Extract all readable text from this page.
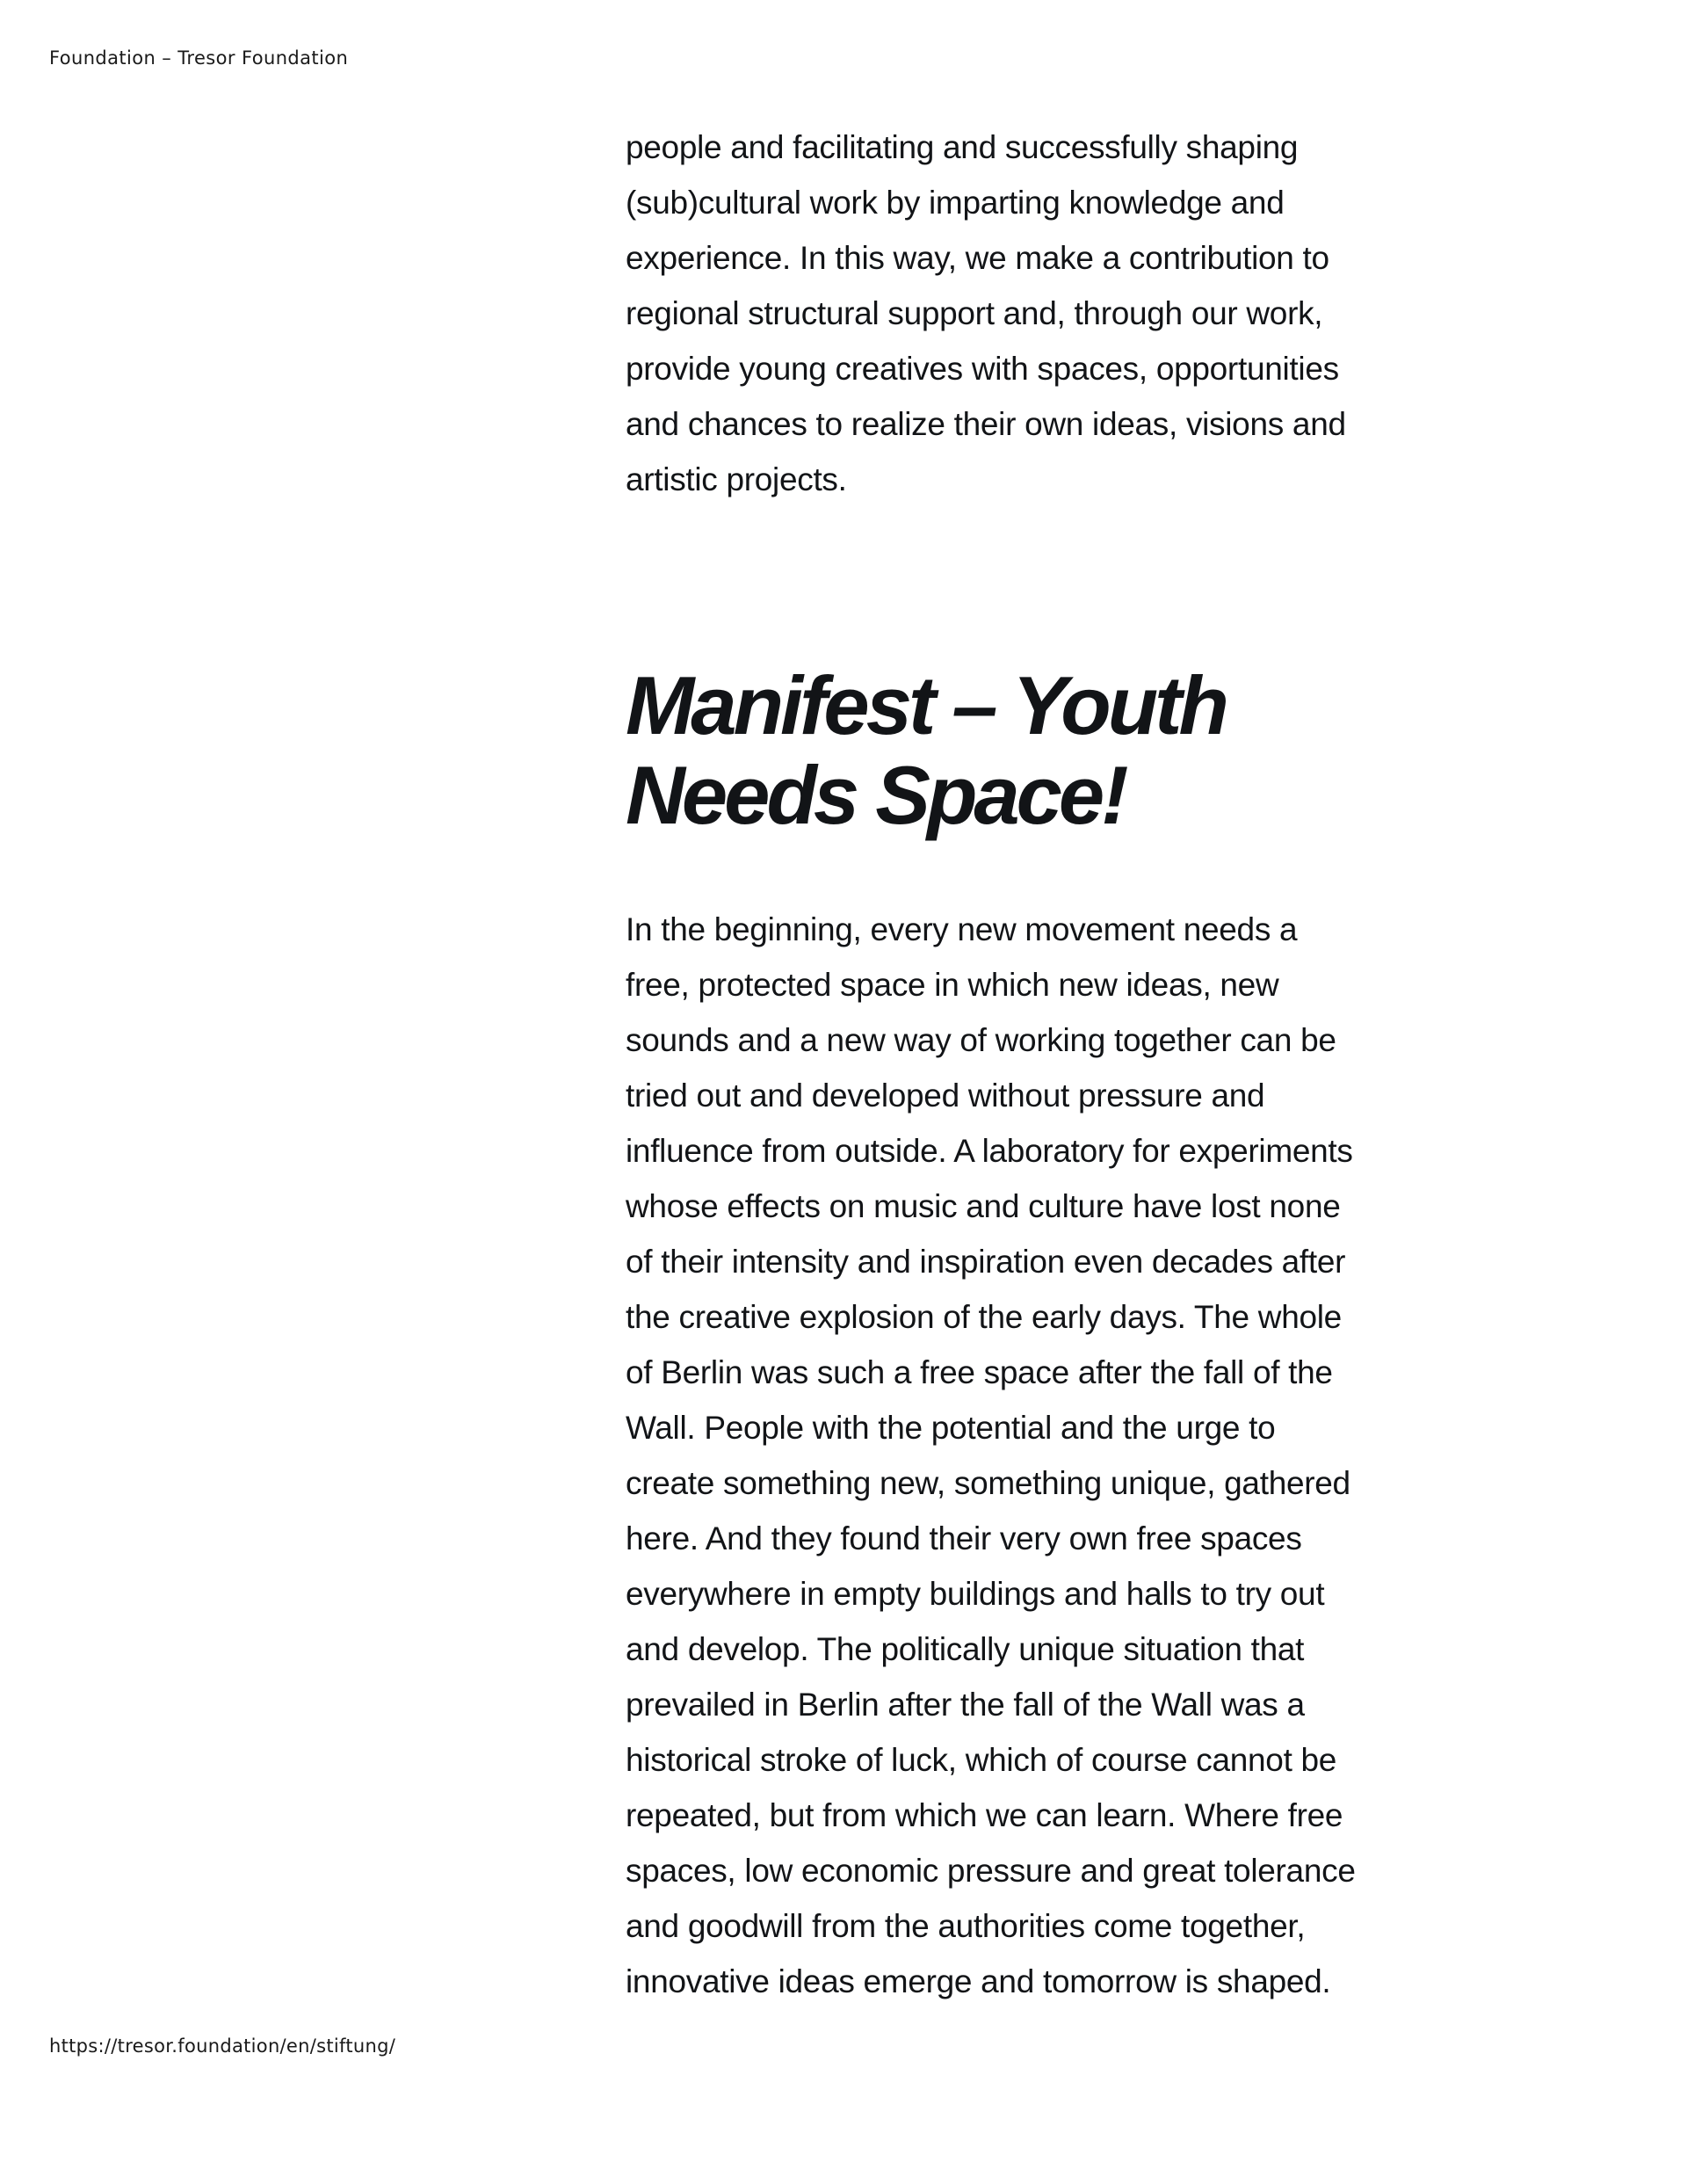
Foundation – Tresor Foundation

people and facilitating and successfully shaping
(sub)cultural work by imparting knowledge and
experience. In this way, we make a contribution to
regional structural support and, through our work,
provide young creatives with spaces, opportunities
and chances to realize their own ideas, visions and
artistic projects.

Manifest – Youth
Needs Space!

In the beginning, every new movement needs a
free, protected space in which new ideas, new
sounds and a new way of working together can be
tried out and developed without pressure and
influence from outside. A laboratory for experiments
whose effects on music and culture have lost none
of their intensity and inspiration even decades after
the creative explosion of the early days. The whole
of Berlin was such a free space after the fall of the
Wall. People with the potential and the urge to
create something new, something unique, gathered
here. And they found their very own free spaces
everywhere in empty buildings and halls to try out
and develop. The politically unique situation that
prevailed in Berlin after the fall of the Wall was a
historical stroke of luck, which of course cannot be
repeated, but from which we can learn. Where free
spaces, low economic pressure and great tolerance
and goodwill from the authorities come together,
innovative ideas emerge and tomorrow is shaped.

https://tresor.foundation/en/stiftung/
